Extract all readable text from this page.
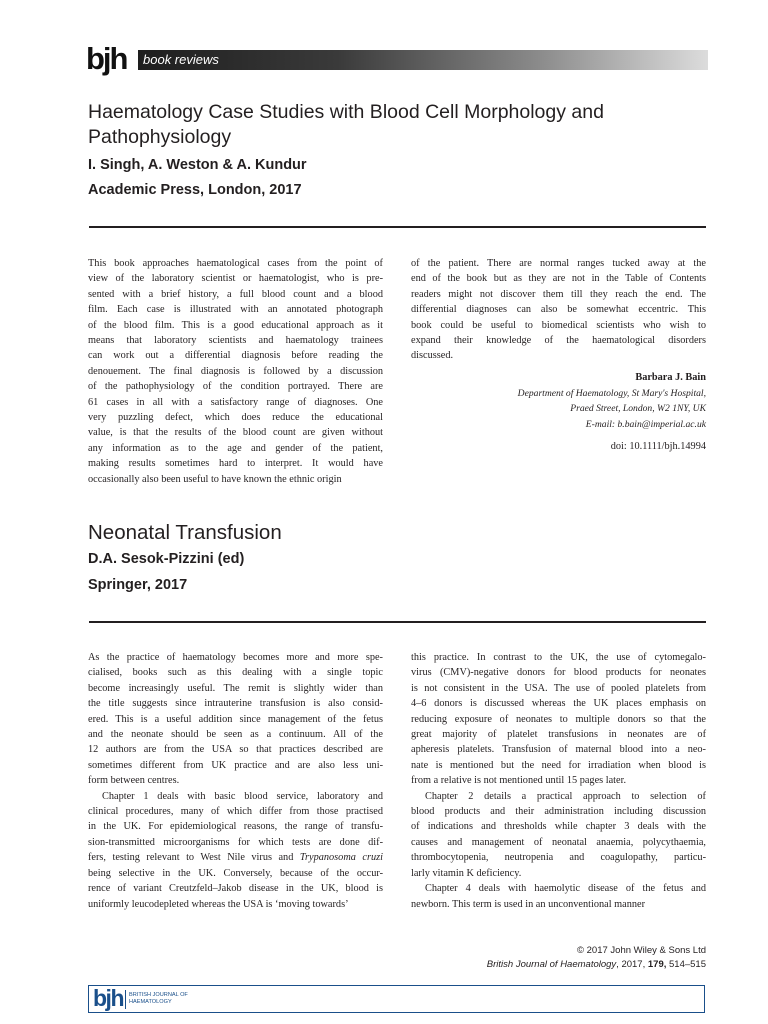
bjh book reviews
Haematology Case Studies with Blood Cell Morphology and
Pathophysiology
I. Singh, A. Weston & A. Kundur
Academic Press, London, 2017

This book approaches haematological cases from the point of
view of the laboratory scientist or haematologist, who is pre-
sented with a brief history, a full blood count and a blood
film. Each case is illustrated with an annotated photograph
of the blood film. This is a good educational approach as it
means that laboratory scientists and haematology trainees
can work out a differential diagnosis before reading the
denouement. The final diagnosis is followed by a discussion
of the pathophysiology of the condition portrayed. There are
61 cases in all with a satisfactory range of diagnoses. One
very puzzling defect, which does reduce the educational
value, is that the results of the blood count are given without
any information as to the age and gender of the patient,
making results sometimes hard to interpret. It would have
occasionally also been useful to have known the ethnic origin

of the patient. There are normal ranges tucked away at the
end of the book but as they are not in the Table of Contents
readers might not discover them till they reach the end. The
differential diagnoses can also be somewhat eccentric. This
book could be useful to biomedical scientists who wish to
expand their knowledge of the haematological disorders
discussed.

Barbara J. Bain
Department of Haematology, St Mary's Hospital,
Praed Street, London, W2 1NY, UK
E-mail: b.bain@imperial.ac.uk
doi: 10.1111/bjh.14994
Neonatal Transfusion
D.A. Sesok-Pizzini (ed)
Springer, 2017
As the practice of haematology becomes more and more spe-
cialised, books such as this dealing with a single topic
become increasingly useful. The remit is slightly wider than
the title suggests since intrauterine transfusion is also consid-
ered. This is a useful addition since management of the fetus
and the neonate should be seen as a continuum. All of the
12 authors are from the USA so that practices described are
sometimes different from UK practice and are also less uni-
form between centres.
Chapter 1 deals with basic blood service, laboratory and
clinical procedures, many of which differ from those practised
in the UK. For epidemiological reasons, the range of transfu-
sion-transmitted microorganisms for which tests are done dif-
fers, testing relevant to West Nile virus and Trypanosoma cruzi
being selective in the UK. Conversely, because of the occur-
rence of variant Creutzfeld–Jakob disease in the UK, blood is
uniformly leucodepleted whereas the USA is ‘moving towards’
this practice. In contrast to the UK, the use of cytomegalo-
virus (CMV)-negative donors for blood products for neonates
is not consistent in the USA. The use of pooled platelets from
4–6 donors is discussed whereas the UK places emphasis on
reducing exposure of neonates to multiple donors so that the
great majority of platelet transfusions in neonates are of
apheresis platelets. Transfusion of maternal blood into a neo-
nate is mentioned but the need for irradiation when blood is
from a relative is not mentioned until 15 pages later.
Chapter 2 details a practical approach to selection of
blood products and their administration including discussion
of indications and thresholds while chapter 3 deals with the
causes and management of neonatal anaemia, polycythaemia,
thrombocytopenia, neutropenia and coagulopathy, particu-
larly vitamin K deficiency.
Chapter 4 deals with haemolytic disease of the fetus and
newborn. This term is used in an unconventional manner
© 2017 John Wiley & Sons Ltd
British Journal of Haematology, 2017, 179, 514–515
bjh BRITISH JOURNAL OF HAEMATOLOGY
